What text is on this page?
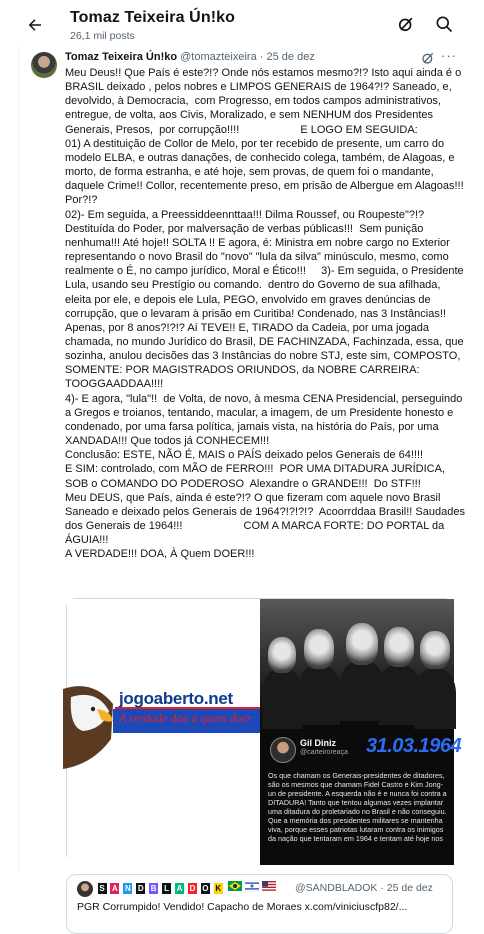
Tomaz Teixeira Ún!ko
26,1 mil posts
Tomaz Teixeira Ún!ko @tomazteixeira · 25 de dez	···
Meu Deus!! Que País é este?!? Onde nós estamos mesmo?!? Isto aqui ainda é o BRASIL deixado , pelos nobres e LIMPOS GENERAIS de 1964?!? Saneado, e, devolvido, à Democracia,  com Progresso, em todos campos administrativos, entregue, de volta, aos Civis, Moralizado, e sem NENHUM dos Presidentes Generais, Presos,  por corrupção!!!!                    E LOGO EM SEGUIDA:                     01) A destituição de Collor de Melo, por ter recebido de presente, um carro do modelo ELBA, e outras danações, de conhecido colega, também, de Alagoas, e morto, de forma estranha, e até hoje, sem provas, de quem foi o mandante, daquele Crime!! Collor, recentemente preso, em prisão de Albergue em Alagoas!!! Por?!?
02)- Em seguida, a Preessiddeennttaa!!! Dilma Roussef, ou Roupeste"?!? Destituída do Poder, por malversação de verbas públicas!!!  Sem punição nenhuma!!! Até hoje!! SOLTA !! E agora, é: Ministra em nobre cargo no Exterior representando o novo Brasil do "novo" "lula da silva" minúsculo, mesmo, como realmente o É, no campo jurídico, Moral e Ético!!!     3)- Em seguida, o Presidente Lula, usando seu Prestígio ou comando.  dentro do Governo de sua afilhada, eleita por ele, e depois ele Lula, PEGO, envolvido em graves denúncias de corrupção, que o levaram à prisão em Curitiba! Condenado, nas 3 Instâncias!! Apenas, por 8 anos?!?!? Aí TEVE!! E, TIRADO da Cadeia, por uma jogada chamada, no mundo Jurídico do Brasil, DE FACHINZADA, Fachinzada, essa, que sozinha, anulou decisões das 3 Instâncias do nobre STJ, este sim, COMPOSTO, SOMENTE: POR MAGISTRADOS ORIUNDOS, da NOBRE CARREIRA: TOOGGAADDAA!!!!
4)- E agora, "lula"!!  de Volta, de novo, à mesma CENA Presidencial, perseguindo a Gregos e troianos, tentando, macular, a imagem, de um Presidente honesto e condenado, por uma farsa política, jamais vista, na história do País, por uma XANDADA!!! Que todos já CONHECEM!!!
Conclusão: ESTE, NÃO É, MAIS o PAÍS deixado pelos Generais de 64!!!!
E SIM: controlado, com MÃO de FERRO!!!  POR UMA DITADURA JURÍDICA, SOB o COMANDO DO PODEROSO  Alexandre o GRANDE!!!  Do STF!!!
Meu DEUS, que País, ainda é este?!? O que fizeram com aquele novo Brasil Saneado e deixado pelos Generais de 1964?!?!?!?  Acoorrddaa Brasil!! Saudades dos Generais de 1964!!!                    COM A MARCA FORTE: DO PORTAL da ÁGUIA!!!
A VERDADE!!! DOA, À Quem DOER!!!
jogoaberto.net
A verdade doa a quem doer
Gil Diniz
@carteiroreaça 31.03.1964
Os que chamam os Generais-presidentes de ditadores, são os mesmos que chamam Fidel Castro e Kim Jong-un de presidente. A esquerda não é e nunca foi contra a DITADURA! Tanto que tentou algumas vezes implantar uma ditadura do proletariado no Brasil e não conseguiu. Que a memória dos presidentes militares se mantenha viva, porque esses patriotas lutaram contra os inimigos da nação que tentaram em 1964 e tentam até hoje nos
S A N D B L A D O K	@SANDBLADOK · 25 de dez
PGR Corrumpido! Vendido! Capacho de Moraes x.com/viniciuscfp82/...
